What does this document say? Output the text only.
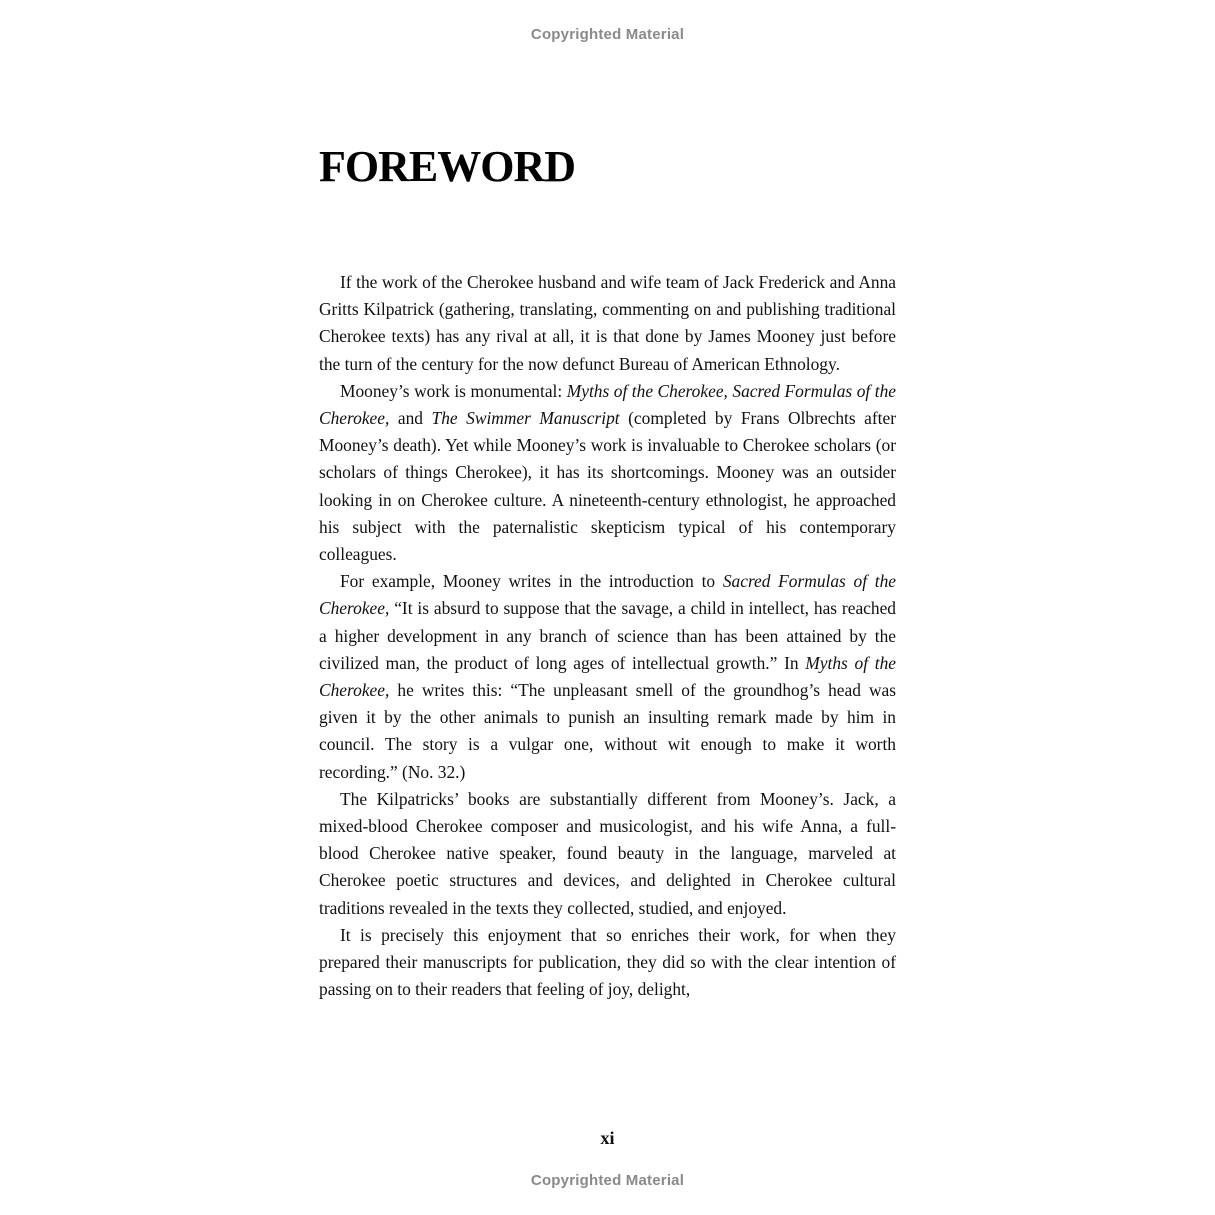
Copyrighted Material
FOREWORD

If the work of the Cherokee husband and wife team of Jack Frederick and Anna Gritts Kilpatrick (gathering, translating, commenting on and publishing traditional Cherokee texts) has any rival at all, it is that done by James Mooney just before the turn of the century for the now defunct Bureau of American Ethnology.

Mooney’s work is monumental: Myths of the Cherokee, Sacred Formulas of the Cherokee, and The Swimmer Manuscript (completed by Frans Olbrechts after Mooney’s death). Yet while Mooney’s work is invaluable to Cherokee scholars (or scholars of things Cherokee), it has its shortcomings. Mooney was an outsider looking in on Cherokee culture. A nineteenth-century ethnologist, he approached his subject with the paternalistic skepticism typical of his contemporary colleagues.

For example, Mooney writes in the introduction to Sacred Formulas of the Cherokee, “It is absurd to suppose that the savage, a child in intellect, has reached a higher development in any branch of science than has been attained by the civilized man, the product of long ages of intellectual growth.” In Myths of the Cherokee, he writes this: “The unpleasant smell of the groundhog’s head was given it by the other animals to punish an insulting remark made by him in council. The story is a vulgar one, without wit enough to make it worth recording.” (No. 32.)

The Kilpatricks’ books are substantially different from Mooney’s. Jack, a mixed-blood Cherokee composer and musicologist, and his wife Anna, a full-blood Cherokee native speaker, found beauty in the language, marveled at Cherokee poetic structures and devices, and delighted in Cherokee cultural traditions revealed in the texts they collected, studied, and enjoyed.

It is precisely this enjoyment that so enriches their work, for when they prepared their manuscripts for publication, they did so with the clear intention of passing on to their readers that feeling of joy, delight,

xi
Copyrighted Material
